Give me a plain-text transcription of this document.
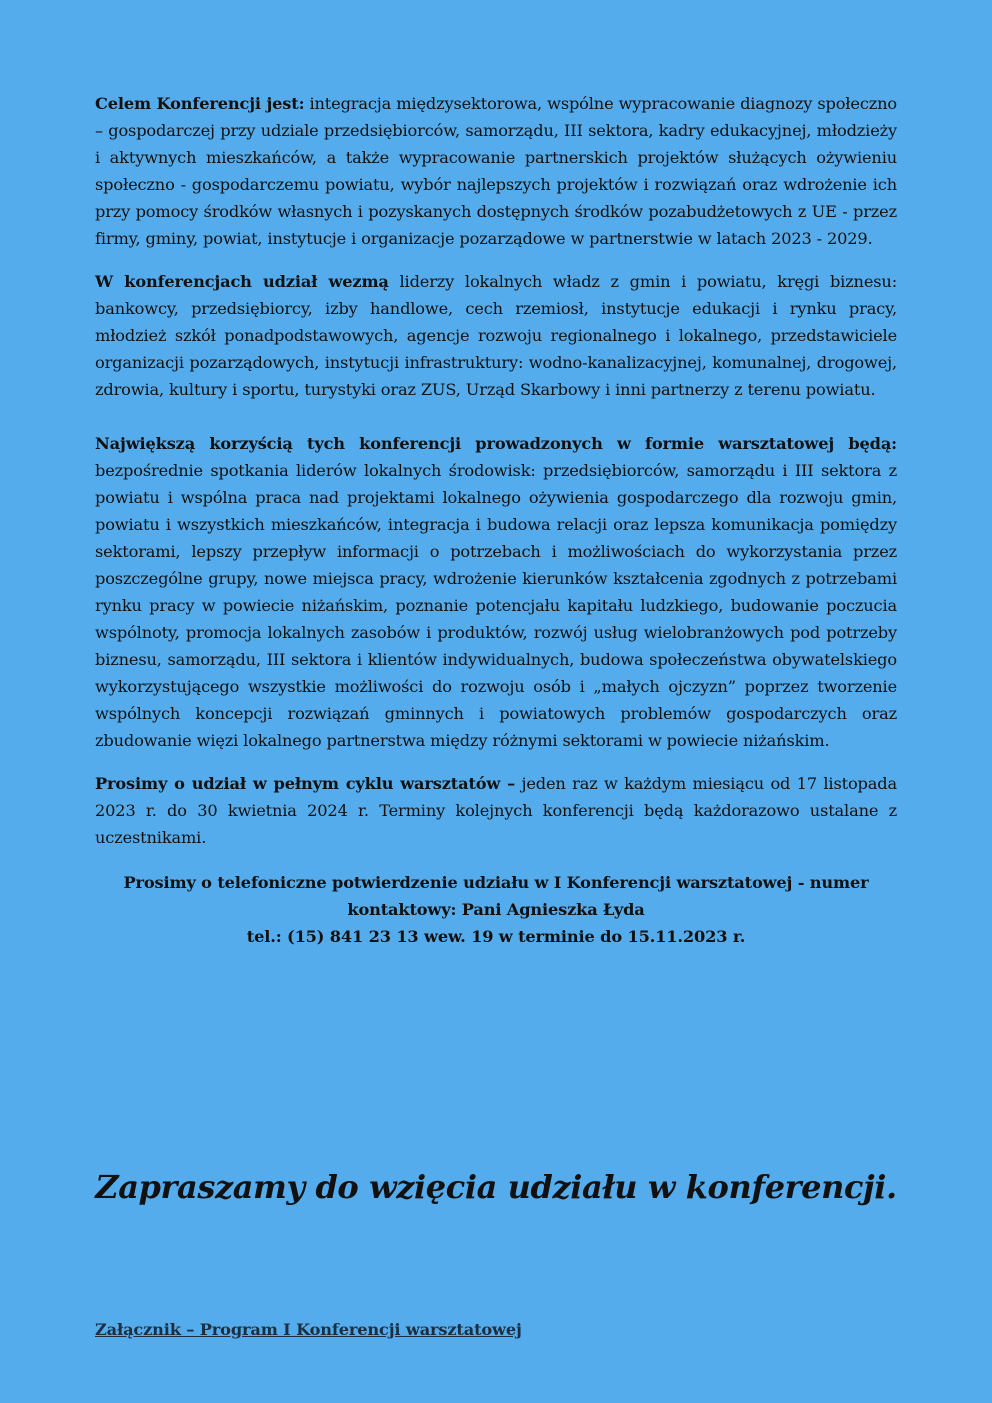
Celem Konferencji jest: integracja międzysektorowa, wspólne wypracowanie diagnozy społeczno – gospodarczej przy udziale przedsiębiorców, samorządu, III sektora, kadry edukacyjnej, młodzieży i aktywnych mieszkańców, a także wypracowanie partnerskich projektów służących ożywieniu społeczno - gospodarczemu powiatu, wybór najlepszych projektów i rozwiązań oraz wdrożenie ich przy pomocy środków własnych i pozyskanych dostępnych środków pozabudżetowych z UE - przez firmy, gminy, powiat, instytucje i organizacje pozarządowe w partnerstwie w latach 2023 - 2029.

W konferencjach udział wezmą liderzy lokalnych władz z gmin i powiatu, kręgi biznesu: bankowcy, przedsiębiorcy, izby handlowe, cech rzemiosł, instytucje edukacji i rynku pracy, młodzież szkół ponadpodstawowych, agencje rozwoju regionalnego i lokalnego, przedstawiciele organizacji pozarządowych, instytucji infrastruktury: wodno-kanalizacyjnej, komunalnej, drogowej, zdrowia, kultury i sportu, turystyki oraz ZUS, Urząd Skarbowy i inni partnerzy z terenu powiatu.

Największą korzyścią tych konferencji prowadzonych w formie warsztatowej będą: bezpośrednie spotkania liderów lokalnych środowisk: przedsiębiorców, samorządu i III sektora z powiatu i wspólna praca nad projektami lokalnego ożywienia gospodarczego dla rozwoju gmin, powiatu i wszystkich mieszkańców, integracja i budowa relacji oraz lepsza komunikacja pomiędzy sektorami, lepszy przepływ informacji o potrzebach i możliwościach do wykorzystania przez poszczególne grupy, nowe miejsca pracy, wdrożenie kierunków kształcenia zgodnych z potrzebami rynku pracy w powiecie niżańskim, poznanie potencjału kapitału ludzkiego, budowanie poczucia wspólnoty, promocja lokalnych zasobów i produktów, rozwój usług wielobranżowych pod potrzeby biznesu, samorządu, III sektora i klientów indywidualnych, budowa społeczeństwa obywatelskiego wykorzystującego wszystkie możliwości do rozwoju osób i „małych ojczyzn” poprzez tworzenie wspólnych koncepcji rozwiązań gminnych i powiatowych problemów gospodarczych oraz zbudowanie więzi lokalnego partnerstwa między różnymi sektorami w powiecie niżańskim.

Prosimy o udział w pełnym cyklu warsztatów – jeden raz w każdym miesiącu od 17 listopada 2023 r. do 30 kwietnia 2024 r. Terminy kolejnych konferencji będą każdorazowo ustalane z uczestnikami.

Prosimy o telefoniczne potwierdzenie udziału w I Konferencji warsztatowej - numer
kontaktowy: Pani Agnieszka Łyda
tel.: (15) 841 23 13 wew. 19 w terminie do 15.11.2023 r.
Zapraszamy do wzięcia udziału w konferencji.
Załącznik – Program I Konferencji warsztatowej
